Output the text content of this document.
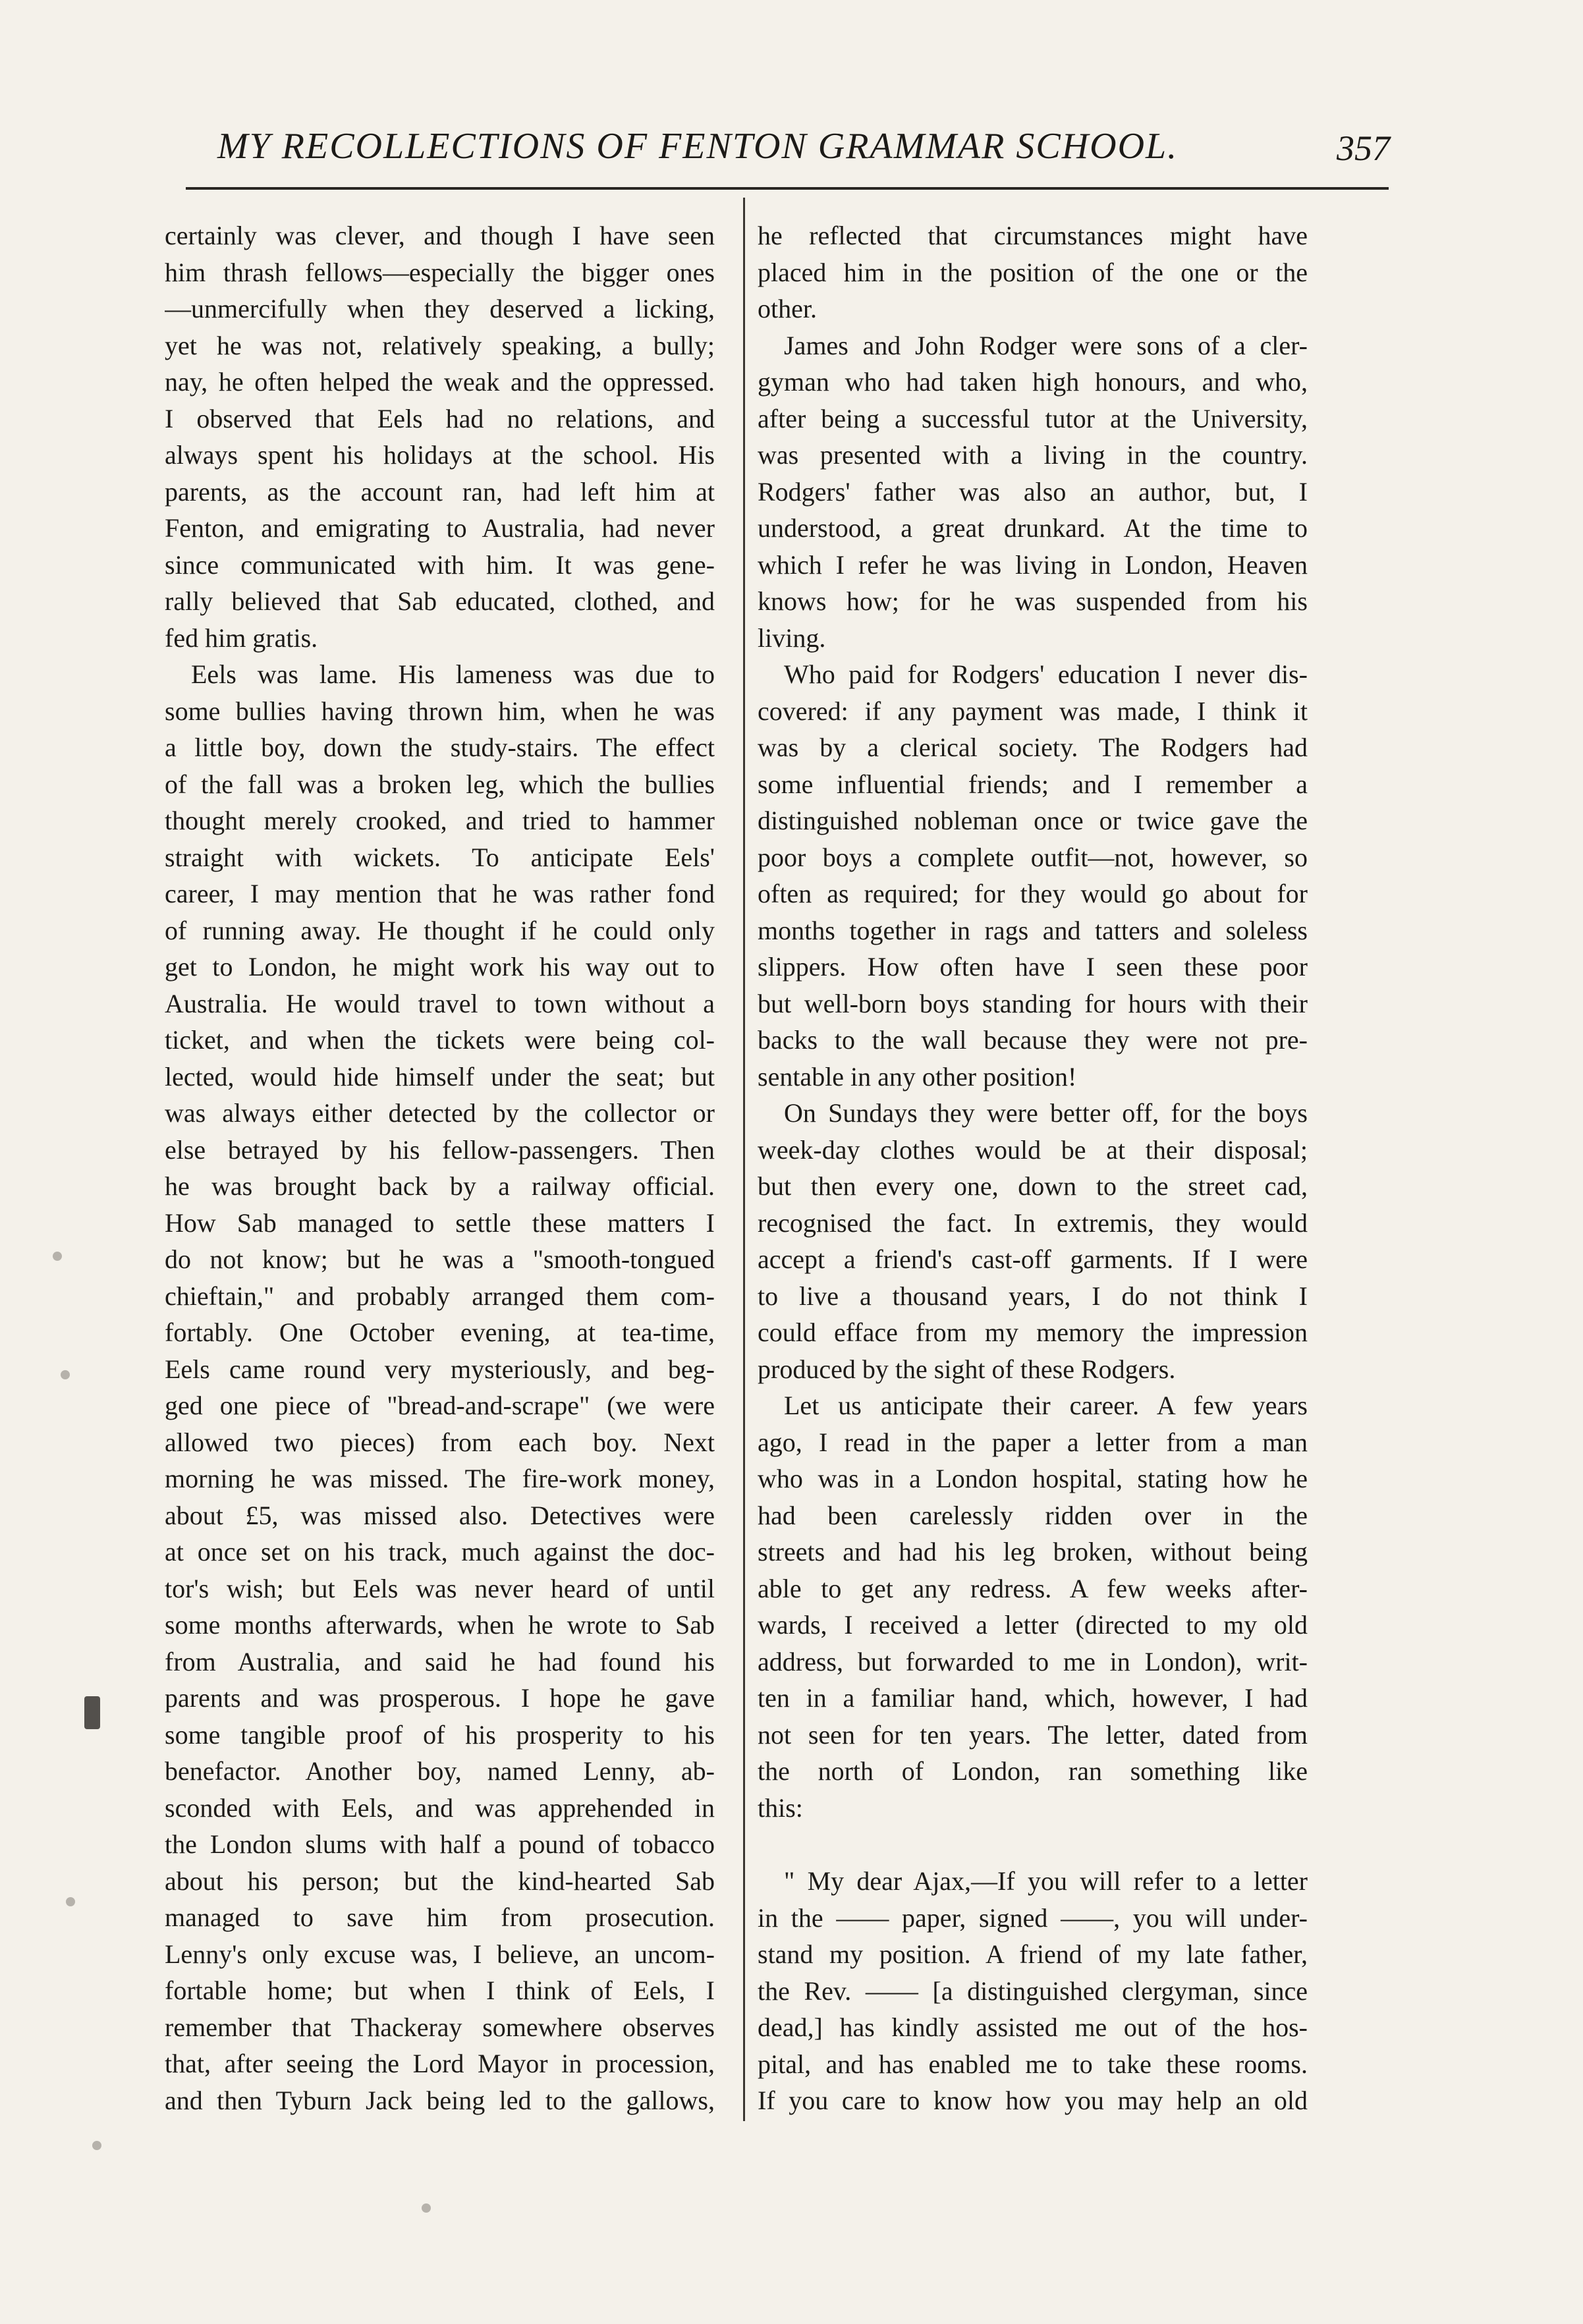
MY RECOLLECTIONS OF FENTON GRAMMAR SCHOOL.	357
certainly was clever, and though I have seen
him thrash fellows—especially the bigger ones
—unmercifully when they deserved a licking,
yet he was not, relatively speaking, a bully;
nay, he often helped the weak and the oppressed.
I observed that Eels had no relations, and
always spent his holidays at the school. His
parents, as the account ran, had left him at
Fenton, and emigrating to Australia, had never
since communicated with him. It was gene-
rally believed that Sab educated, clothed, and
fed him gratis.
Eels was lame. His lameness was due to
some bullies having thrown him, when he was
a little boy, down the study-stairs. The effect
of the fall was a broken leg, which the bullies
thought merely crooked, and tried to hammer
straight with wickets. To anticipate Eels'
career, I may mention that he was rather fond
of running away. He thought if he could only
get to London, he might work his way out to
Australia. He would travel to town without a
ticket, and when the tickets were being col-
lected, would hide himself under the seat; but
was always either detected by the collector or
else betrayed by his fellow-passengers. Then
he was brought back by a railway official.
How Sab managed to settle these matters I
do not know; but he was a "smooth-tongued
chieftain," and probably arranged them com-
fortably. One October evening, at tea-time,
Eels came round very mysteriously, and beg-
ged one piece of "bread-and-scrape" (we were
allowed two pieces) from each boy. Next
morning he was missed. The fire-work money,
about £5, was missed also. Detectives were
at once set on his track, much against the doc-
tor's wish; but Eels was never heard of until
some months afterwards, when he wrote to Sab
from Australia, and said he had found his
parents and was prosperous. I hope he gave
some tangible proof of his prosperity to his
benefactor. Another boy, named Lenny, ab-
sconded with Eels, and was apprehended in
the London slums with half a pound of tobacco
about his person; but the kind-hearted Sab
managed to save him from prosecution.
Lenny's only excuse was, I believe, an uncom-
fortable home; but when I think of Eels, I
remember that Thackeray somewhere observes
that, after seeing the Lord Mayor in procession,
and then Tyburn Jack being led to the gallows,
he reflected that circumstances might have
placed him in the position of the one or the
other.
James and John Rodger were sons of a cler-
gyman who had taken high honours, and who,
after being a successful tutor at the University,
was presented with a living in the country.
Rodgers' father was also an author, but, I
understood, a great drunkard. At the time to
which I refer he was living in London, Heaven
knows how; for he was suspended from his
living.
Who paid for Rodgers' education I never dis-
covered: if any payment was made, I think it
was by a clerical society. The Rodgers had
some influential friends; and I remember a
distinguished nobleman once or twice gave the
poor boys a complete outfit—not, however, so
often as required; for they would go about for
months together in rags and tatters and soleless
slippers. How often have I seen these poor
but well-born boys standing for hours with their
backs to the wall because they were not pre-
sentable in any other position!
On Sundays they were better off, for the boys
week-day clothes would be at their disposal;
but then every one, down to the street cad,
recognised the fact. In extremis, they would
accept a friend's cast-off garments. If I were
to live a thousand years, I do not think I
could efface from my memory the impression
produced by the sight of these Rodgers.
Let us anticipate their career. A few years
ago, I read in the paper a letter from a man
who was in a London hospital, stating how he
had been carelessly ridden over in the
streets and had his leg broken, without being
able to get any redress. A few weeks after-
wards, I received a letter (directed to my old
address, but forwarded to me in London), writ-
ten in a familiar hand, which, however, I had
not seen for ten years. The letter, dated from
the north of London, ran something like
this:
" My dear Ajax,—If you will refer to a letter
in the —— paper, signed ——, you will under-
stand my position. A friend of my late father,
the Rev. —— [a distinguished clergyman, since
dead,] has kindly assisted me out of the hos-
pital, and has enabled me to take these rooms.
If you care to know how you may help an old
